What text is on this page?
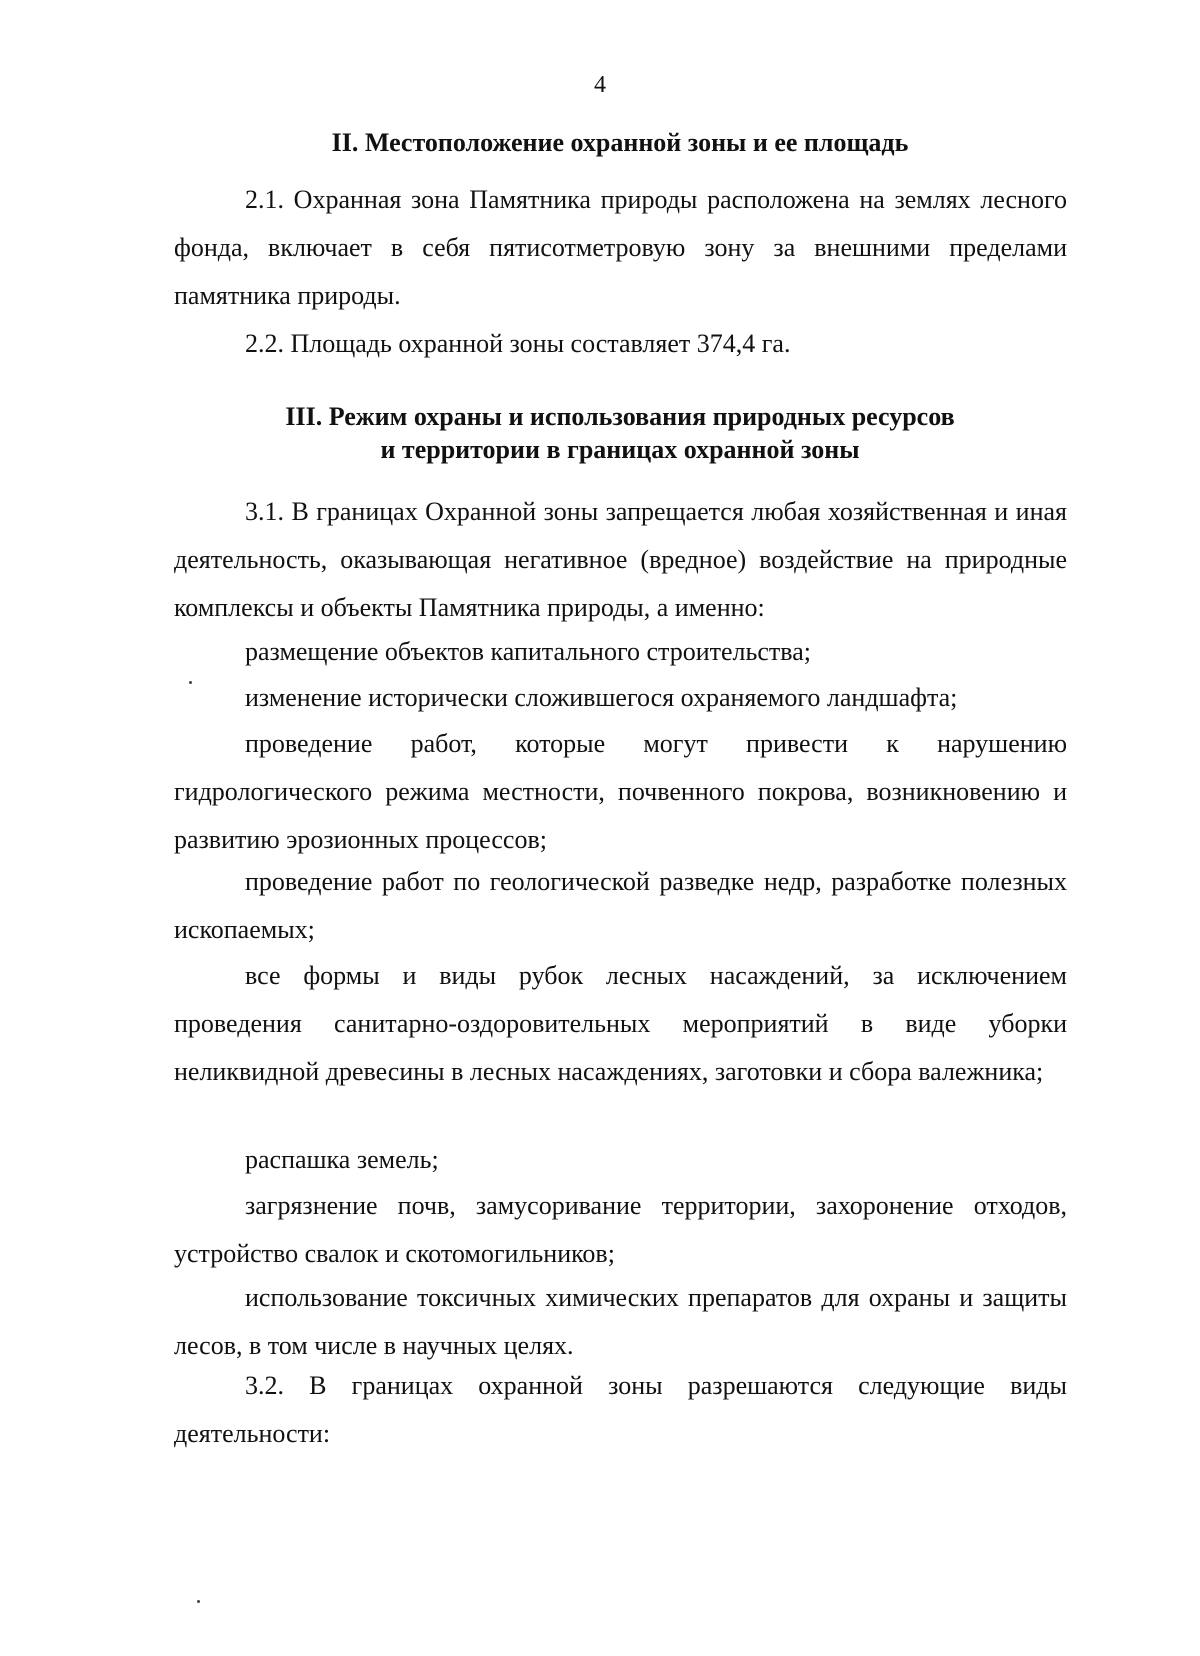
4
II. Местоположение охранной зоны и ее площадь
2.1. Охранная зона Памятника природы расположена на землях лесного фонда, включает в себя пятисотметровую зону за внешними пределами памятника природы.
2.2. Площадь охранной зоны составляет 374,4 га.
III. Режим охраны и использования природных ресурсов
и территории в границах охранной зоны
3.1. В границах Охранной зоны запрещается любая хозяйственная и иная деятельность, оказывающая негативное (вредное) воздействие на природные комплексы и объекты Памятника природы, а именно:
размещение объектов капитального строительства;
изменение исторически сложившегося охраняемого ландшафта;
проведение работ, которые могут привести к нарушению гидрологического режима местности, почвенного покрова, возникновению и развитию эрозионных процессов;
проведение работ по геологической разведке недр, разработке полезных ископаемых;
все формы и виды рубок лесных насаждений, за исключением проведения санитарно-оздоровительных мероприятий в виде уборки неликвидной древесины в лесных насаждениях, заготовки и сбора валежника;
распашка земель;
загрязнение почв, замусоривание территории, захоронение отходов, устройство свалок и скотомогильников;
использование токсичных химических препаратов для охраны и защиты лесов, в том числе в научных целях.
3.2. В границах охранной зоны разрешаются следующие виды деятельности:
